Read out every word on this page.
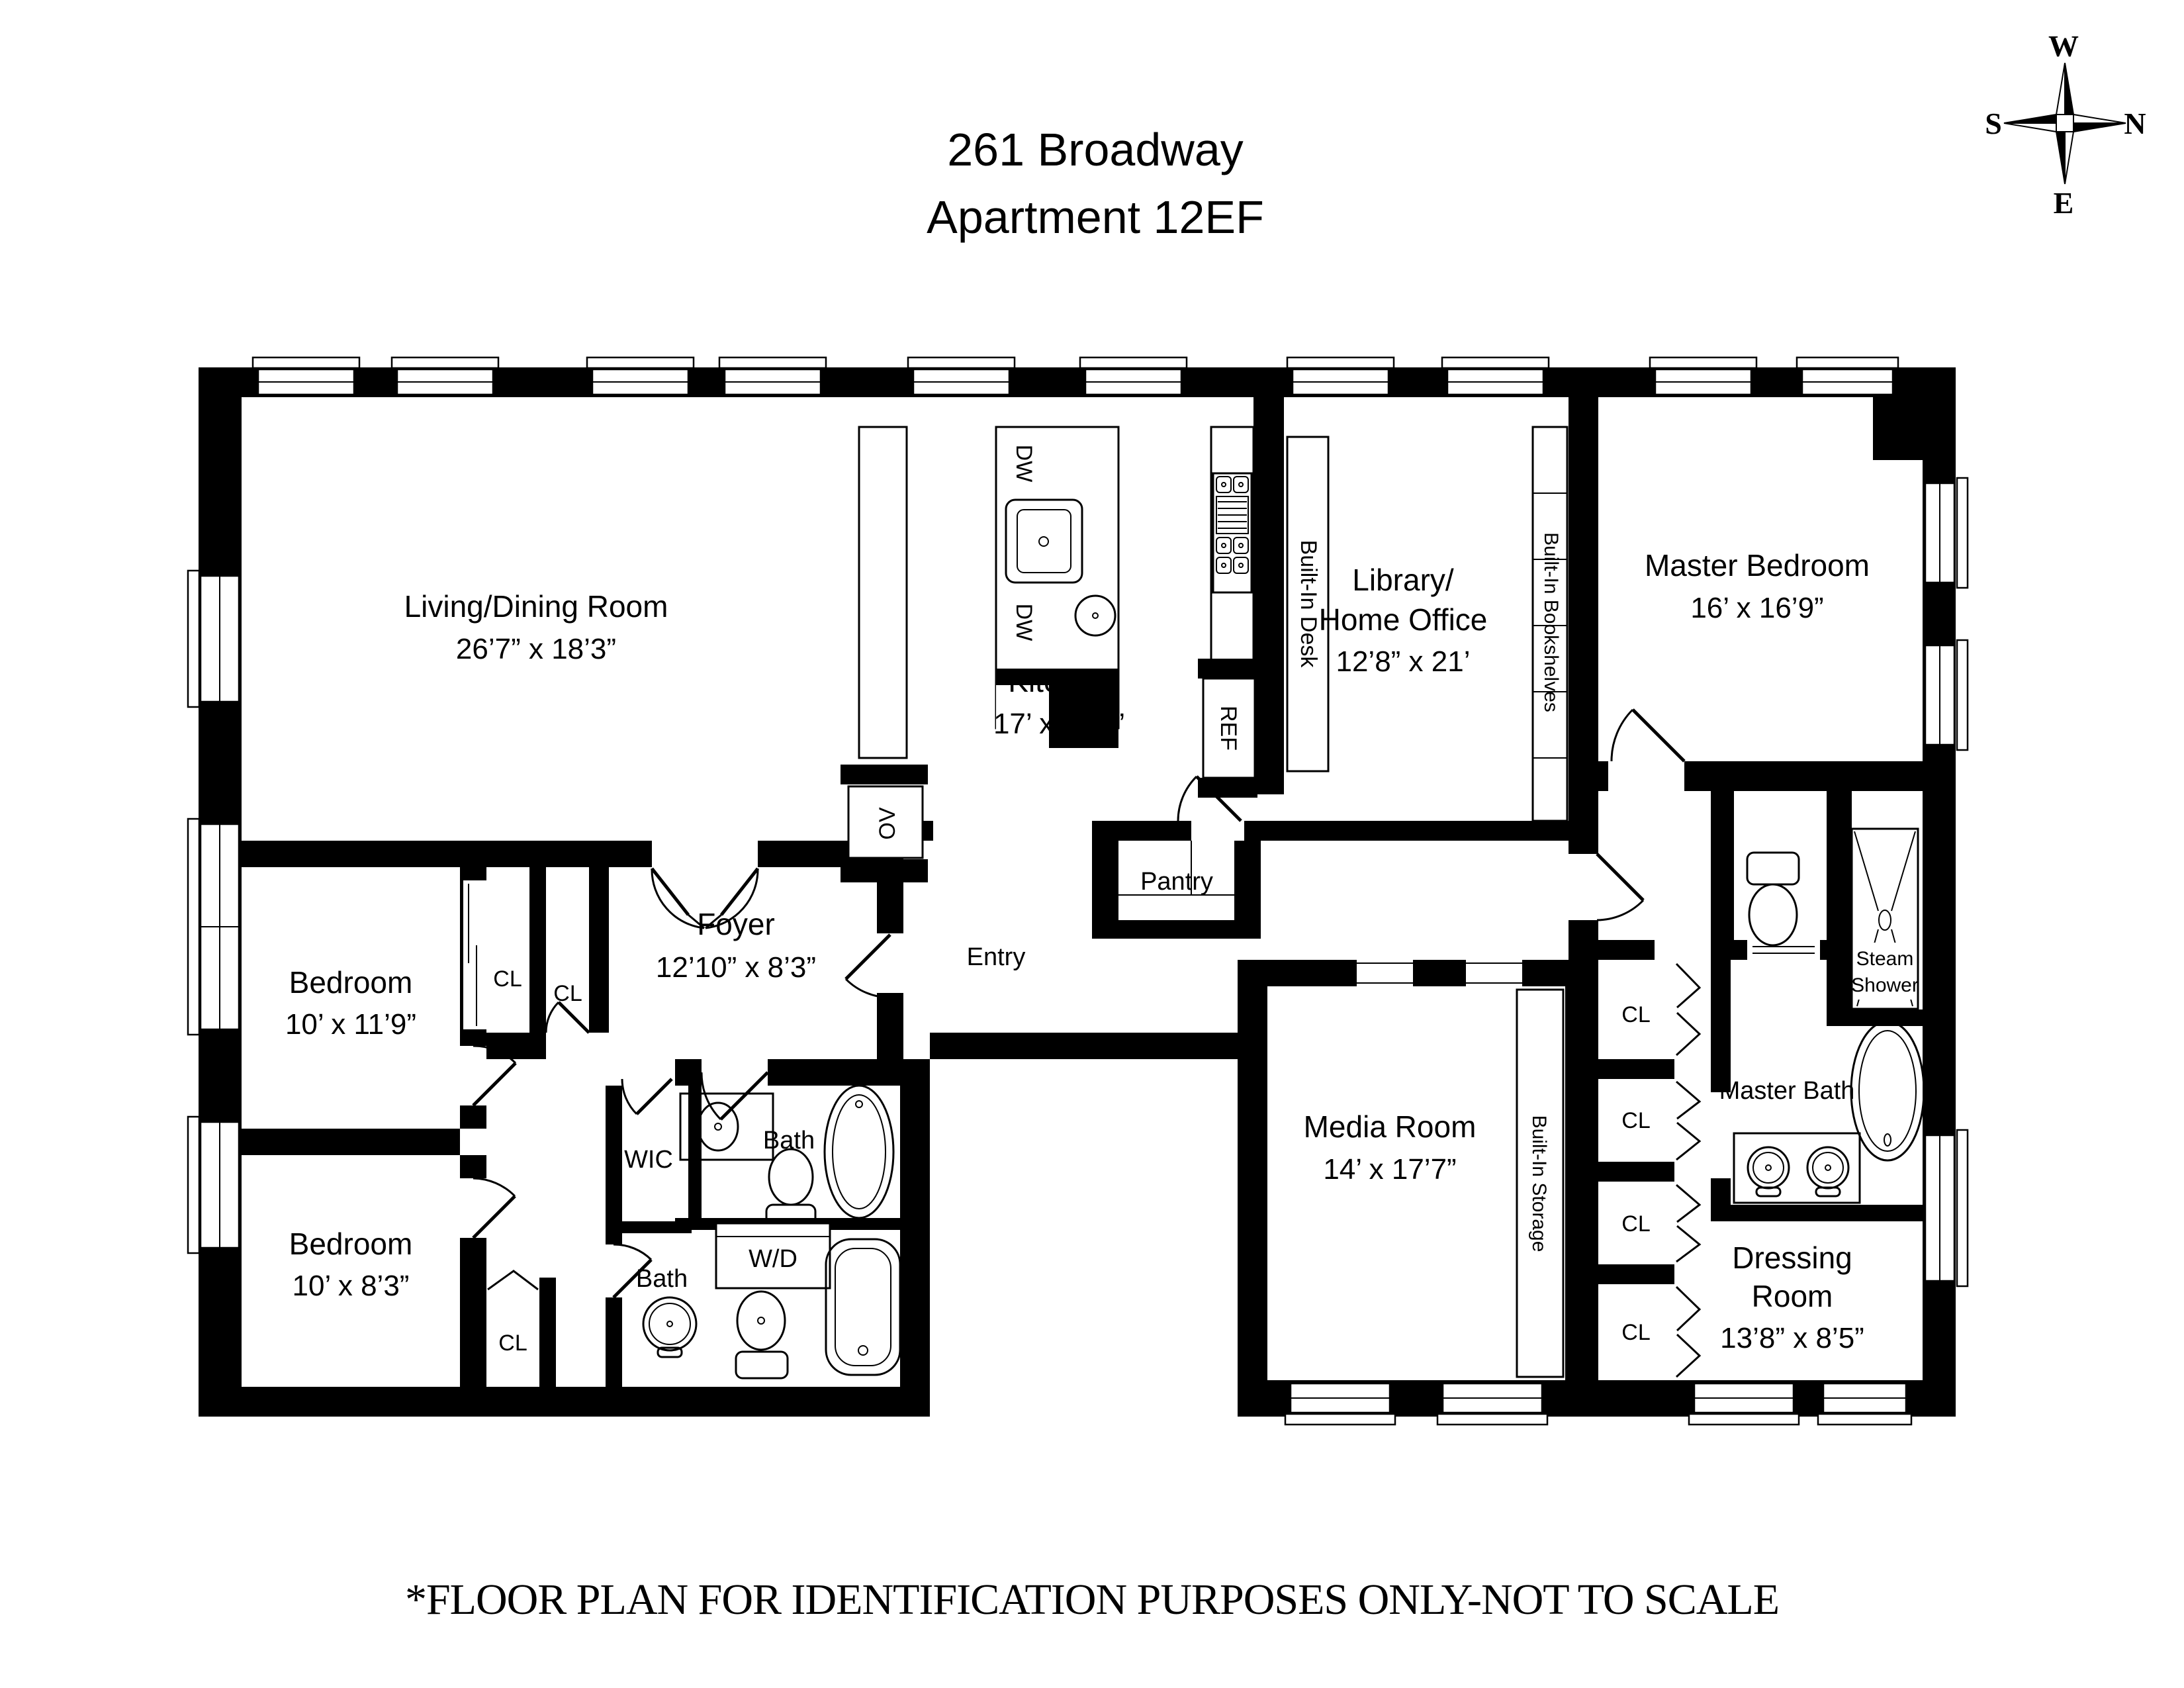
261 Broadway
Apartment 12EF
W
S	N
E
OV
DW
DW
REF
Built-In Desk	Built-In Bookshelves
Built-In Storage
Steam
Shower
Living/Dining Room
26’7” x 18’3”
Kitchen
17’ x 11’6”
Library/
Home Office
12’8” x 21’
Master Bedroom
16’ x 16’9”
Bedroom
10’ x 11’9”
Bedroom
10’ x 8’3”
Foyer
12’10” x 8’3”
Media Room
14’ x 17’7”
Dressing
Room
13’8” x 8’5”
Master Bath
Pantry
Entry
Bath
Bath
WIC
W/D
CL
CL
CL
CL
CL
CL
CL
*FLOOR PLAN FOR IDENTIFICATION PURPOSES ONLY-NOT TO SCALE
